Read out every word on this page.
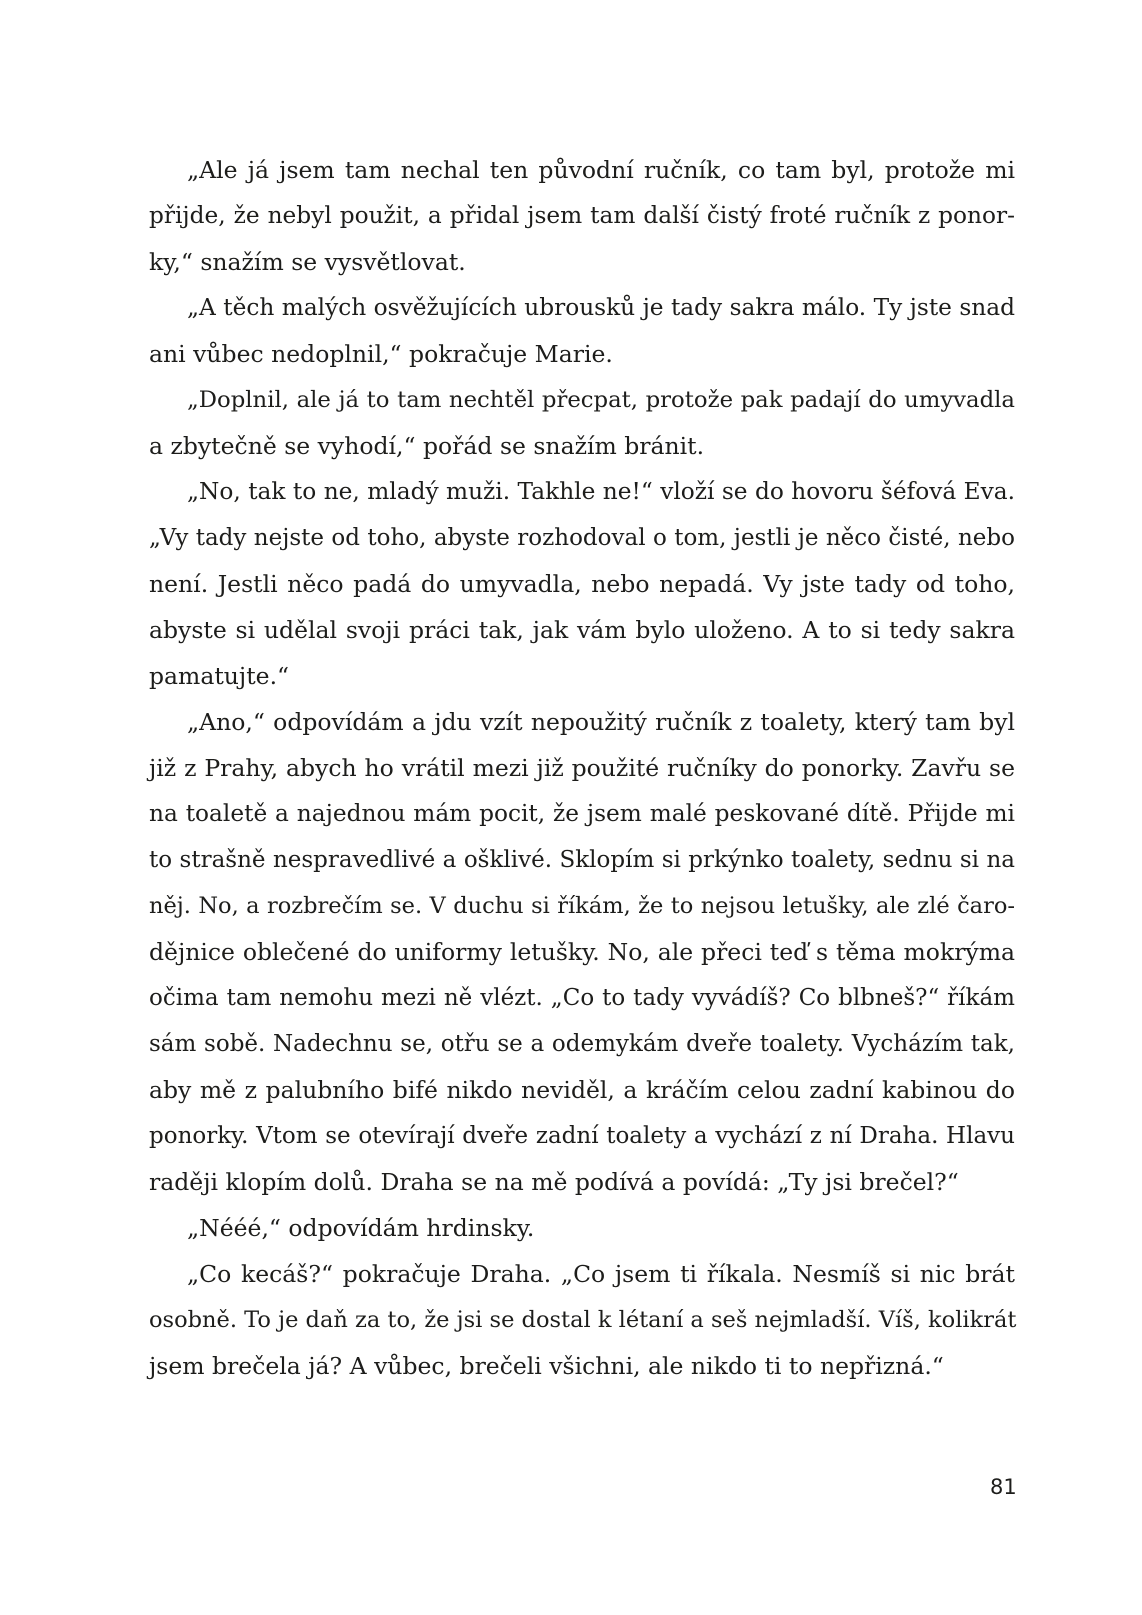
„Ale já jsem tam nechal ten původní ručník, co tam byl, protože mi
přijde, že nebyl použit, a přidal jsem tam další čistý froté ručník z ponor-
ky,“ snažím se vysvětlovat.
„A těch malých osvěžujících ubrousků je tady sakra málo. Ty jste snad
ani vůbec nedoplnil,“ pokračuje Marie.
„Doplnil, ale já to tam nechtěl přecpat, protože pak padají do umyvadla
a zbytečně se vyhodí,“ pořád se snažím bránit.
„No, tak to ne, mladý muži. Takhle ne!“ vloží se do hovoru šéfová Eva.
„Vy tady nejste od toho, abyste rozhodoval o tom, jestli je něco čisté, nebo
není. Jestli něco padá do umyvadla, nebo nepadá. Vy jste tady od toho,
abyste si udělal svoji práci tak, jak vám bylo uloženo. A to si tedy sakra
pamatujte.“
„Ano,“ odpovídám a jdu vzít nepoužitý ručník z toalety, který tam byl
již z Prahy, abych ho vrátil mezi již použité ručníky do ponorky. Zavřu se
na toaletě a najednou mám pocit, že jsem malé peskované dítě. Přijde mi
to strašně nespravedlivé a ošklivé. Sklopím si prkýnko toalety, sednu si na
něj. No, a rozbrečím se. V duchu si říkám, že to nejsou letušky, ale zlé čaro-
dějnice oblečené do uniformy letušky. No, ale přeci teď s těma mokrýma
očima tam nemohu mezi ně vlézt. „Co to tady vyvádíš? Co blbneš?“ říkám
sám sobě. Nadechnu se, otřu se a odemykám dveře toalety. Vycházím tak,
aby mě z palubního bifé nikdo neviděl, a kráčím celou zadní kabinou do
ponorky. Vtom se otevírají dveře zadní toalety a vychází z ní Draha. Hlavu
raději klopím dolů. Draha se na mě podívá a povídá: „Ty jsi brečel?“
„Nééé,“ odpovídám hrdinsky.
„Co kecáš?“ pokračuje Draha. „Co jsem ti říkala. Nesmíš si nic brát
osobně. To je daň za to, že jsi se dostal k létaní a seš nejmladší. Víš, kolikrát
jsem brečela já? A vůbec, brečeli všichni, ale nikdo ti to nepřizná.“
81
